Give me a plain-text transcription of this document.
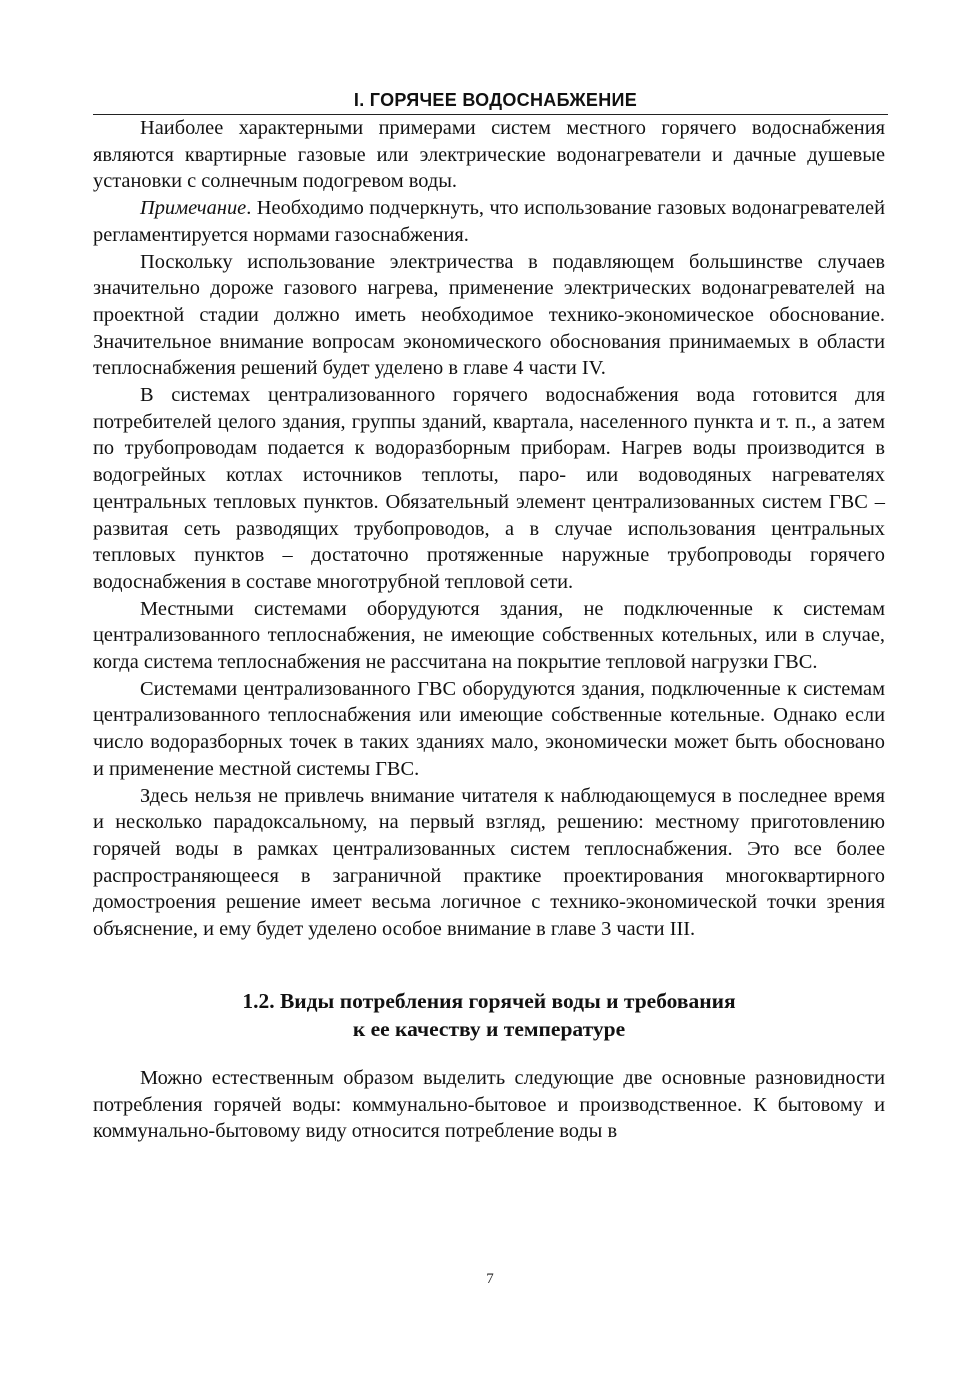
I. ГОРЯЧЕЕ ВОДОСНАБЖЕНИЕ

Наиболее характерными примерами систем местного горячего водоснабжения являются квартирные газовые или электрические водонагреватели и дачные душевые установки с солнечным подогревом воды.

Примечание. Необходимо подчеркнуть, что использование газовых водонагревателей регламентируется нормами газоснабжения.

Поскольку использование электричества в подавляющем большинстве случаев значительно дороже газового нагрева, применение электрических водонагревателей на проектной стадии должно иметь необходимое технико-экономическое обоснование. Значительное внимание вопросам экономического обоснования принимаемых в области теплоснабжения решений будет уделено в главе 4 части IV.

В системах централизованного горячего водоснабжения вода готовится для потребителей целого здания, группы зданий, квартала, населенного пункта и т. п., а затем по трубопроводам подается к водоразборным приборам. Нагрев воды производится в водогрейных котлах источников теплоты, паро- или водоводяных нагревателях центральных тепловых пунктов. Обязательный элемент централизованных систем ГВС – развитая сеть разводящих трубопроводов, а в случае использования центральных тепловых пунктов – достаточно протяженные наружные трубопроводы горячего водоснабжения в составе многотрубной тепловой сети.

Местными системами оборудуются здания, не подключенные к системам централизованного теплоснабжения, не имеющие собственных котельных, или в случае, когда система теплоснабжения не рассчитана на покрытие тепловой нагрузки ГВС.

Системами централизованного ГВС оборудуются здания, подключенные к системам централизованного теплоснабжения или имеющие собственные котельные. Однако если число водоразборных точек в таких зданиях мало, экономически может быть обосновано и применение местной системы ГВС.

Здесь нельзя не привлечь внимание читателя к наблюдающемуся в последнее время и несколько парадоксальному, на первый взгляд, решению: местному приготовлению горячей воды в рамках централизованных систем теплоснабжения. Это все более распространяющееся в заграничной практике проектирования многоквартирного домостроения решение имеет весьма логичное с технико-экономической точки зрения объяснение, и ему будет уделено особое внимание в главе 3 части III.

1.2. Виды потребления горячей воды и требования
к ее качеству и температуре

Можно естественным образом выделить следующие две основные разновидности потребления горячей воды: коммунально-бытовое и производственное. К бытовому и коммунально-бытовому виду относится потребление воды в

7
